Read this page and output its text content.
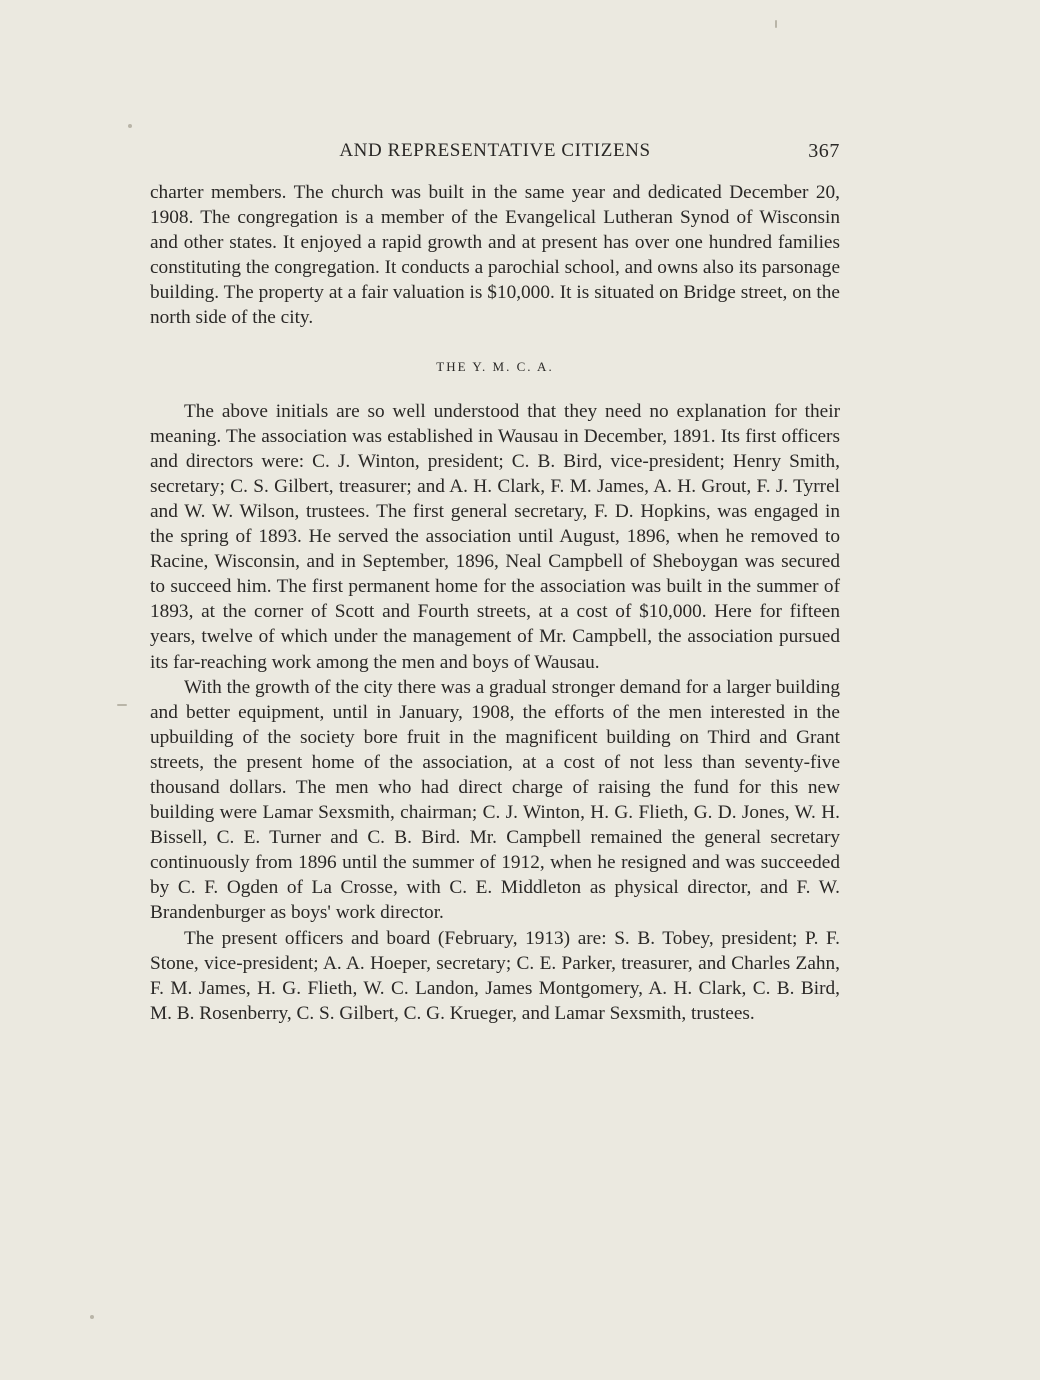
AND REPRESENTATIVE CITIZENS	367

charter members. The church was built in the same year and dedicated December 20, 1908. The congregation is a member of the Evangelical Lutheran Synod of Wisconsin and other states. It enjoyed a rapid growth and at present has over one hundred families constituting the congregation. It conducts a parochial school, and owns also its parsonage building. The property at a fair valuation is $10,000. It is situated on Bridge street, on the north side of the city.

THE Y. M. C. A.

The above initials are so well understood that they need no explanation for their meaning. The association was established in Wausau in December, 1891. Its first officers and directors were: C. J. Winton, president; C. B. Bird, vice-president; Henry Smith, secretary; C. S. Gilbert, treasurer; and A. H. Clark, F. M. James, A. H. Grout, F. J. Tyrrel and W. W. Wilson, trustees. The first general secretary, F. D. Hopkins, was engaged in the spring of 1893. He served the association until August, 1896, when he removed to Racine, Wisconsin, and in September, 1896, Neal Campbell of Sheboygan was secured to succeed him. The first permanent home for the association was built in the summer of 1893, at the corner of Scott and Fourth streets, at a cost of $10,000. Here for fifteen years, twelve of which under the management of Mr. Campbell, the association pursued its far-reaching work among the men and boys of Wausau.

With the growth of the city there was a gradual stronger demand for a larger building and better equipment, until in January, 1908, the efforts of the men interested in the upbuilding of the society bore fruit in the magnificent building on Third and Grant streets, the present home of the association, at a cost of not less than seventy-five thousand dollars. The men who had direct charge of raising the fund for this new building were Lamar Sexsmith, chairman; C. J. Winton, H. G. Flieth, G. D. Jones, W. H. Bissell, C. E. Turner and C. B. Bird. Mr. Campbell remained the general secretary continuously from 1896 until the summer of 1912, when he resigned and was succeeded by C. F. Ogden of La Crosse, with C. E. Middleton as physical director, and F. W. Brandenburger as boys' work director.

The present officers and board (February, 1913) are: S. B. Tobey, president; P. F. Stone, vice-president; A. A. Hoeper, secretary; C. E. Parker, treasurer, and Charles Zahn, F. M. James, H. G. Flieth, W. C. Landon, James Montgomery, A. H. Clark, C. B. Bird, M. B. Rosenberry, C. S. Gilbert, C. G. Krueger, and Lamar Sexsmith, trustees.
